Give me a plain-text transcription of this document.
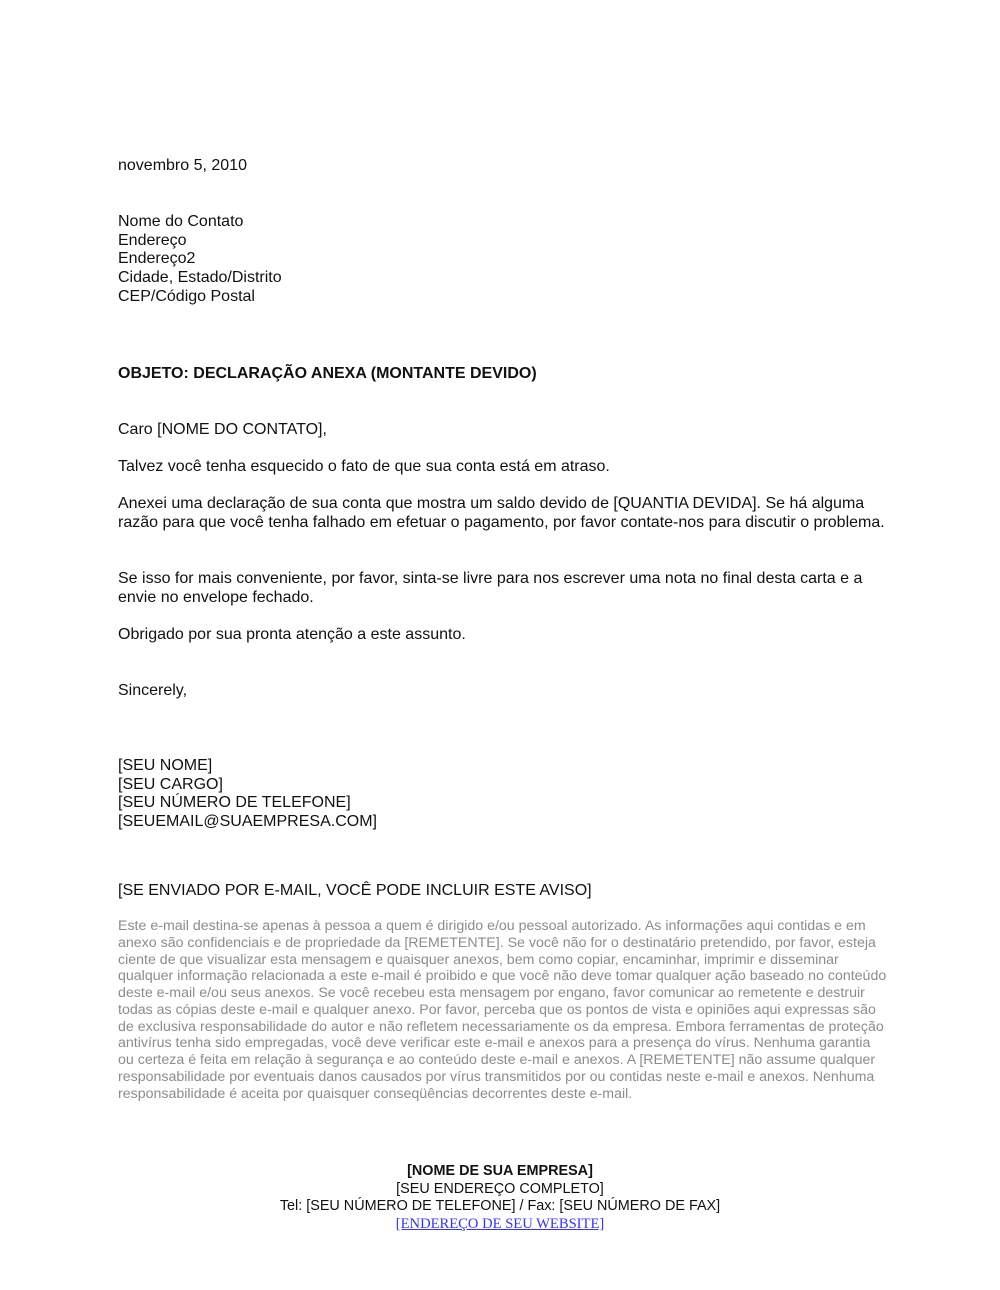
novembro 5, 2010
Nome do Contato
Endereço
Endereço2
Cidade, Estado/Distrito
CEP/Código Postal
OBJETO: DECLARAÇÃO ANEXA (MONTANTE DEVIDO)
Caro [NOME DO CONTATO],
Talvez você tenha esquecido o fato de que sua conta está em atraso.
Anexei uma declaração de sua conta que mostra um saldo devido de [QUANTIA DEVIDA]. Se há alguma razão para que você tenha falhado em efetuar o pagamento, por favor contate-nos para discutir o problema.
Se isso for mais conveniente, por favor, sinta-se livre para nos escrever uma nota no final desta carta e a envie no envelope fechado.
Obrigado por sua pronta atenção a este assunto.
Sincerely,
[SEU NOME]
[SEU CARGO]
[SEU NÚMERO DE TELEFONE]
[SEUEMAIL@SUAEMPRESA.COM]
[SE ENVIADO POR E-MAIL, VOCÊ PODE INCLUIR ESTE AVISO]
Este e-mail destina-se apenas à pessoa a quem é dirigido e/ou pessoal autorizado. As informações aqui contidas e em anexo são confidenciais e de propriedade da [REMETENTE]. Se você não for o destinatário pretendido, por favor, esteja ciente de que visualizar esta mensagem e quaisquer anexos, bem como copiar, encaminhar, imprimir e disseminar qualquer informação relacionada a este e-mail é proibido e que você não deve tomar qualquer ação baseado no conteúdo deste e-mail e/ou seus anexos. Se você recebeu esta mensagem por engano, favor comunicar ao remetente e destruir todas as cópias deste e-mail e qualquer anexo. Por favor, perceba que os pontos de vista e opiniões aqui expressas são de exclusiva responsabilidade do autor e não refletem necessariamente os da empresa. Embora ferramentas de proteção antivírus tenha sido empregadas, você deve verificar este e-mail e anexos para a presença do vírus. Nenhuma garantia ou certeza é feita em relação à segurança e ao conteúdo deste e-mail e anexos. A [REMETENTE] não assume qualquer responsabilidade por eventuais danos causados por vírus transmitidos por ou contidas neste e-mail e anexos. Nenhuma responsabilidade é aceita por quaisquer conseqüências decorrentes deste e-mail.
[NOME DE SUA EMPRESA]
[SEU ENDEREÇO COMPLETO]
Tel: [SEU NÚMERO DE TELEFONE] / Fax: [SEU NÚMERO DE FAX]
[ENDEREÇO DE SEU WEBSITE]
